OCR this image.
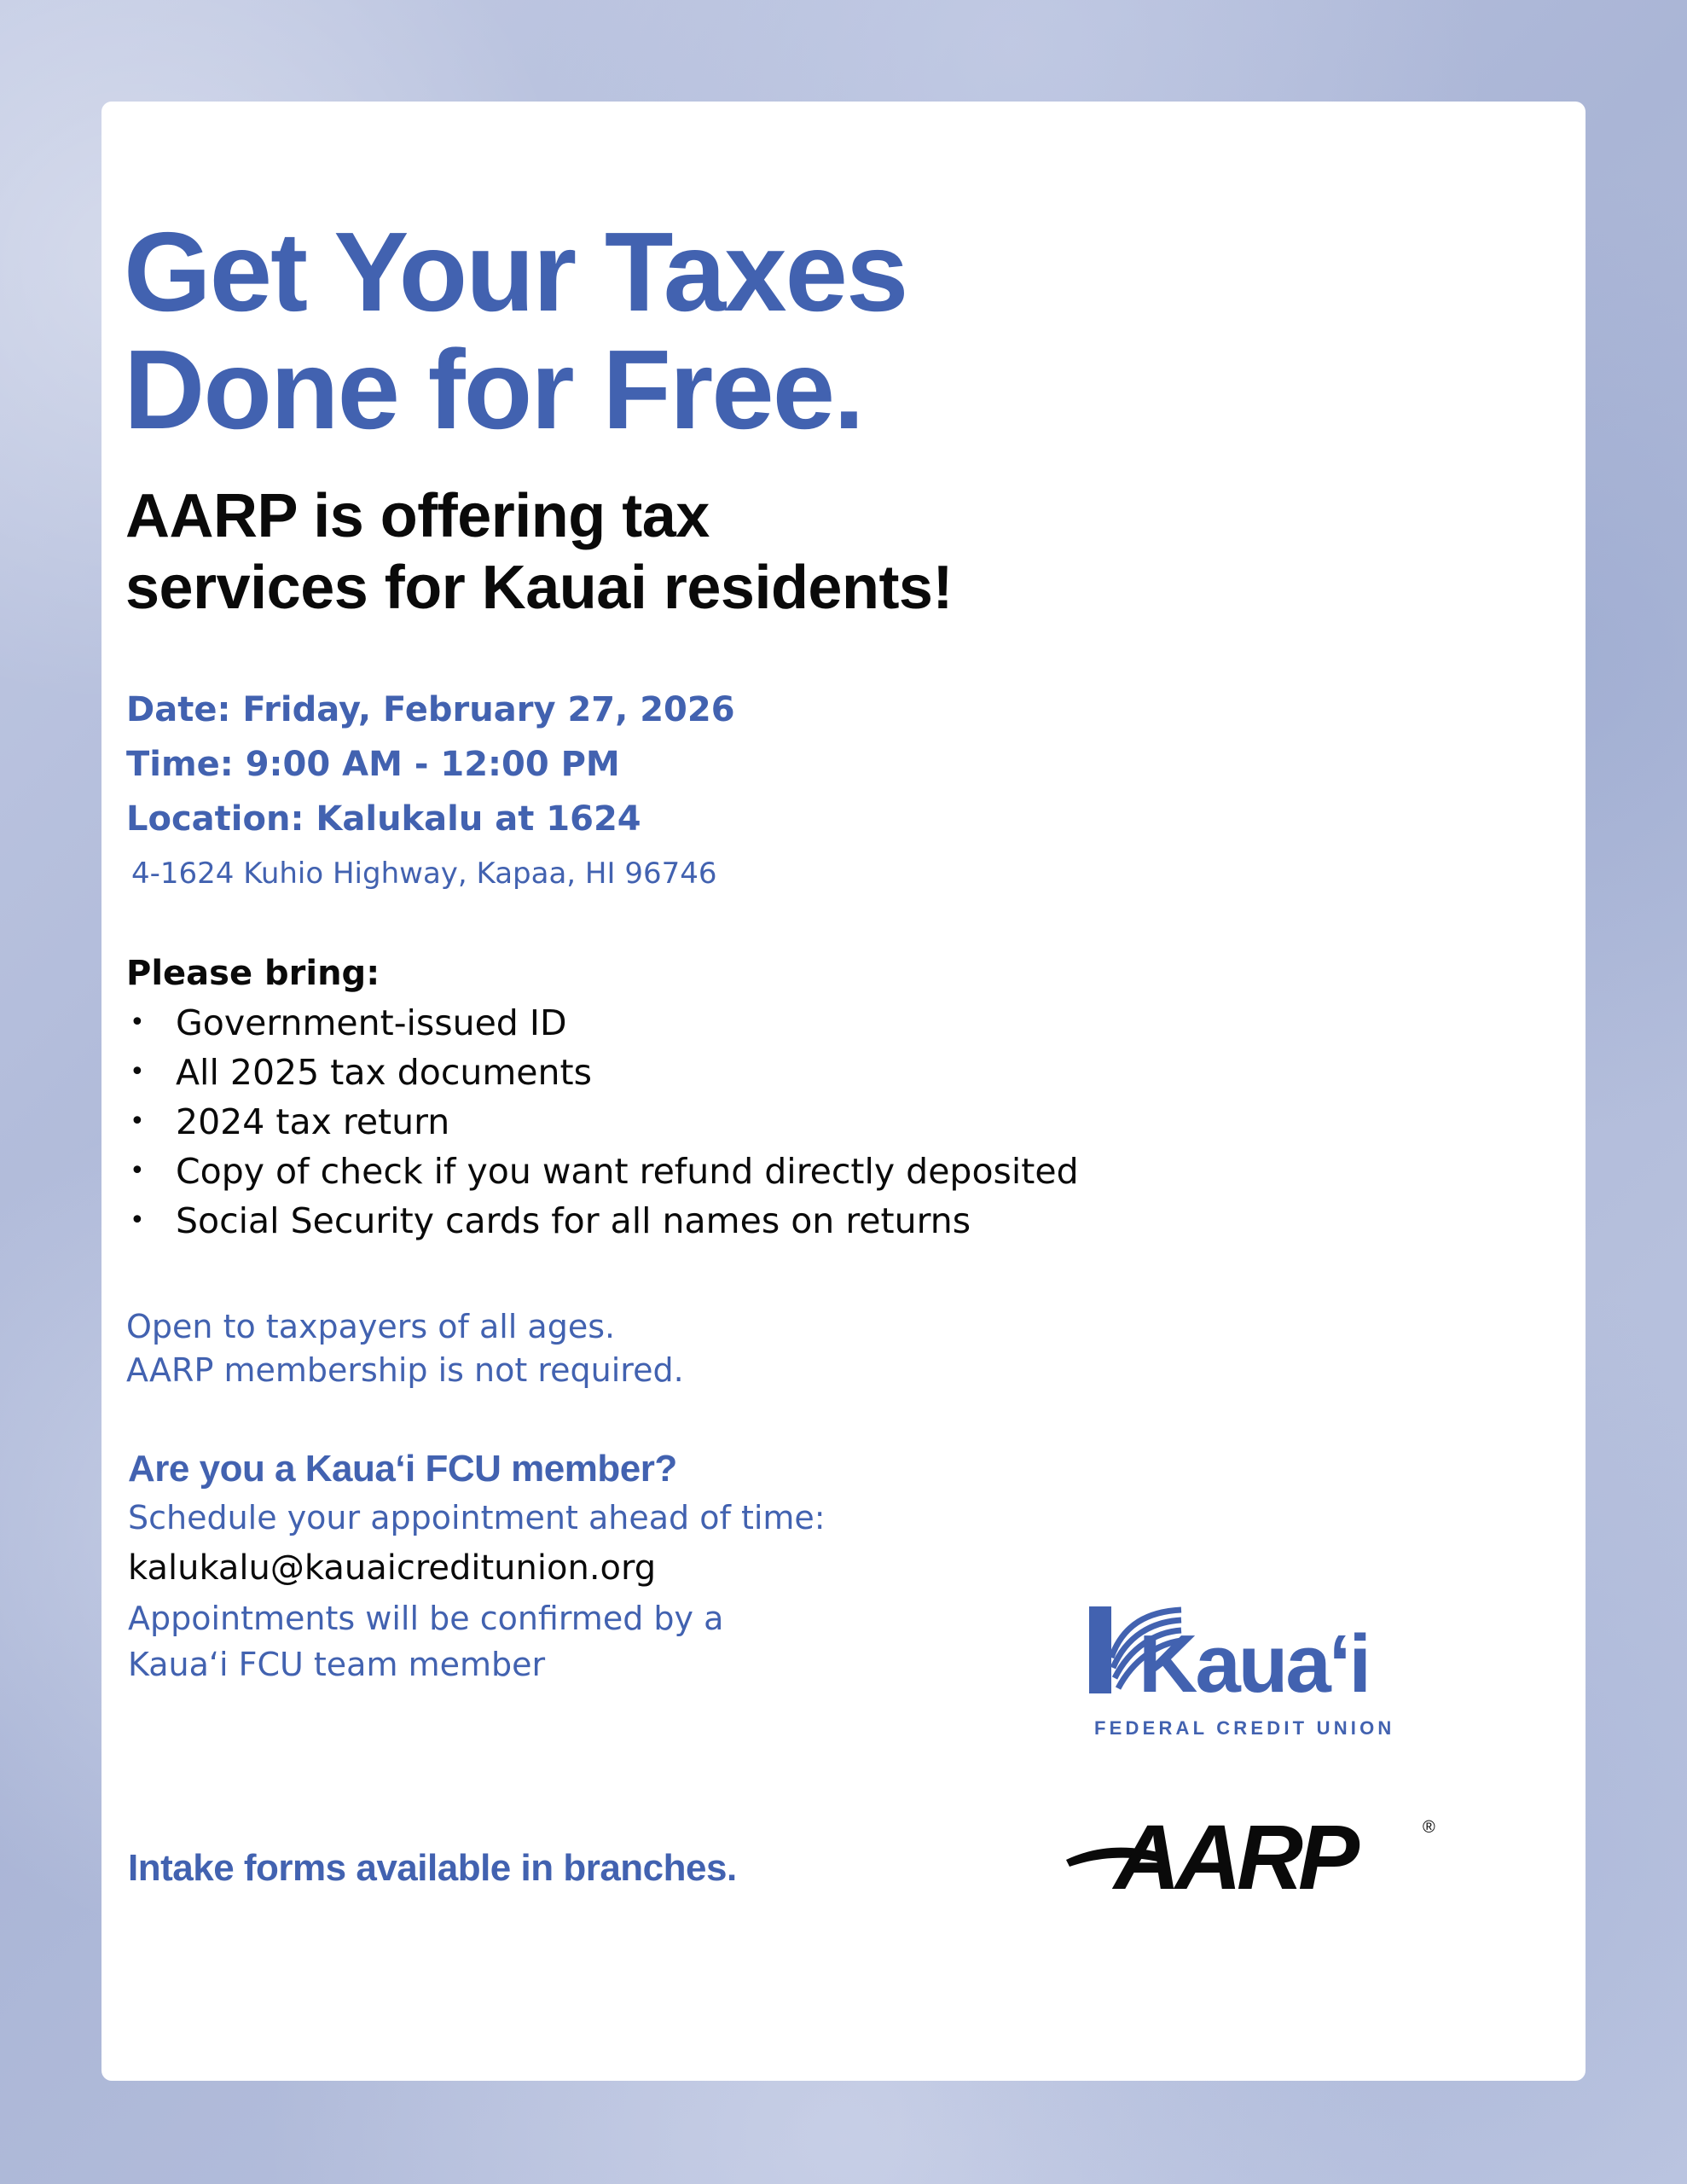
Get Your Taxes
Done for Free.
AARP is offering tax
services for Kauai residents!
Date: Friday, February 27, 2026
Time: 9:00 AM - 12:00 PM
Location: Kalukalu at 1624
4-1624 Kuhio Highway, Kapaa, HI 96746
Please bring:
• Government-issued ID
• All 2025 tax documents
• 2024 tax return
• Copy of check if you want refund directly deposited
• Social Security cards for all names on returns
Open to taxpayers of all ages.
AARP membership is not required.
Are you a Kaua‘i FCU member?
Schedule your appointment ahead of time:
kalukalu@kauaicreditunion.org
Appointments will be confirmed by a
Kaua‘i FCU team member
Intake forms available in branches.
Kaua‘i
FEDERAL CREDIT UNION
AARP	®
